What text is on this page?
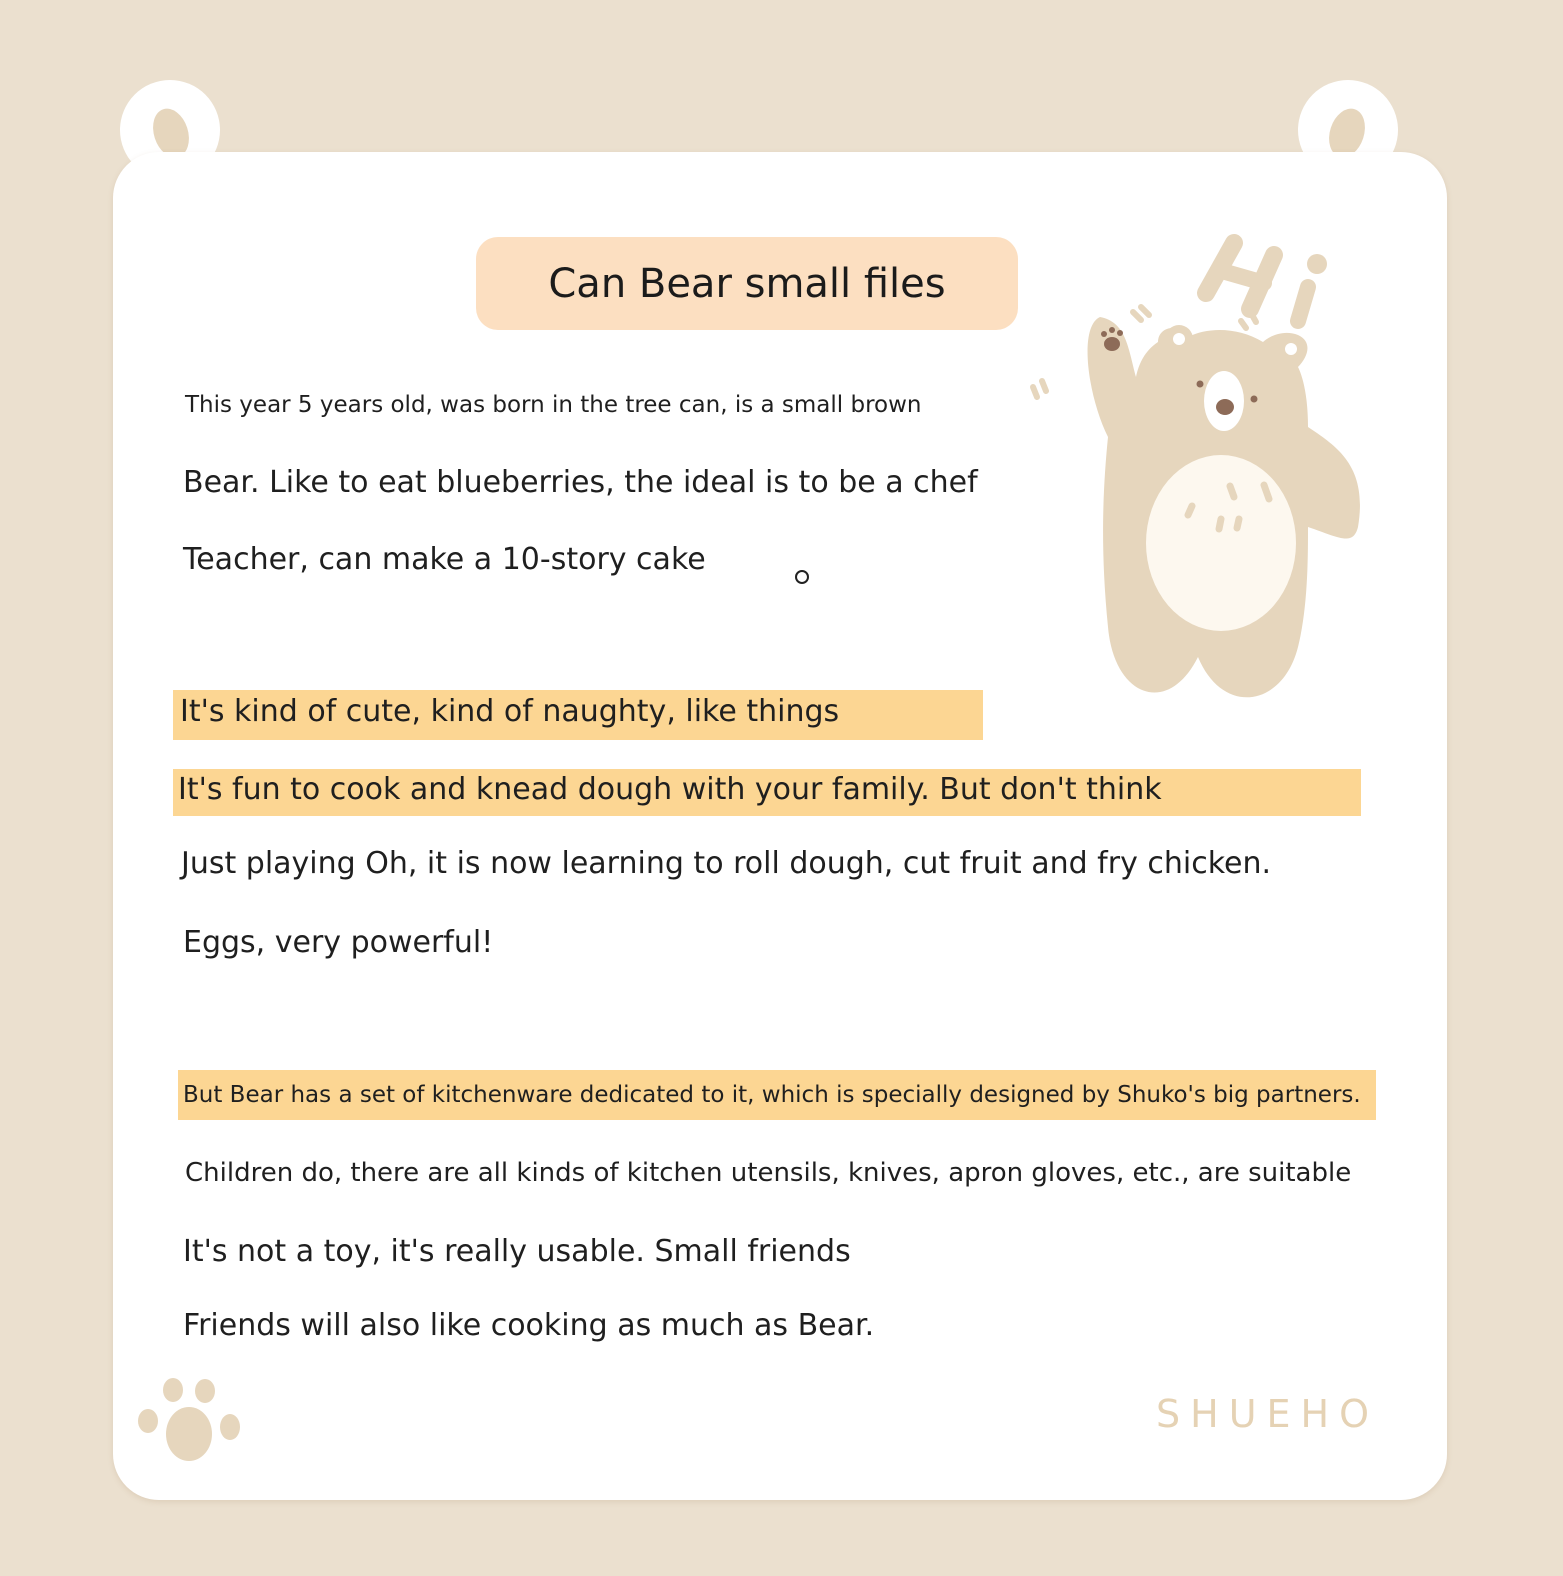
Can Bear small files
This year 5 years old, was born in the tree can, is a small brown
Bear. Like to eat blueberries, the ideal is to be a chef
Teacher, can make a 10-story cake
It's kind of cute, kind of naughty, like things
It's fun to cook and knead dough with your family. But don't think
Just playing Oh, it is now learning to roll dough, cut fruit and fry chicken.
Eggs, very powerful!
But Bear has a set of kitchenware dedicated to it, which is specially designed by Shuko's big partners.
Children do, there are all kinds of kitchen utensils, knives, apron gloves, etc., are suitable
It's not a toy, it's really usable. Small friends
Friends will also like cooking as much as Bear.
SHUEHO
